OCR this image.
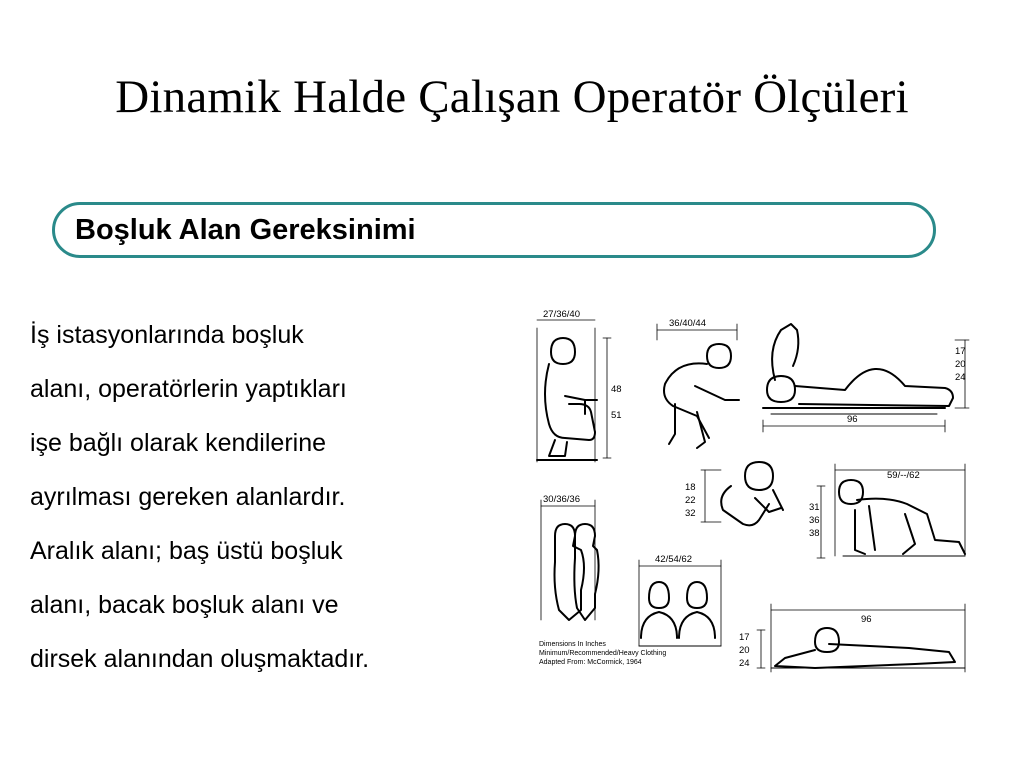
Dinamik Halde Çalışan Operatör Ölçüleri
Boşluk Alan Gereksinimi
İş istasyonlarında boşluk
alanı, operatörlerin yaptıkları
işe bağlı olarak kendilerine
ayrılması gereken alanlardır.
Aralık alanı; baş üstü boşluk
alanı, bacak boşluk alanı ve
dirsek alanından oluşmaktadır.
27/36/40
48
51
36/40/44
17
20
24
96
18
22
32
59/--/62
31
36
38
30/36/36
42/54/62
96
17
20
24
Dimensions In Inches
Minimum/Recommended/Heavy Clothing
Adapted From: McCormick, 1964
